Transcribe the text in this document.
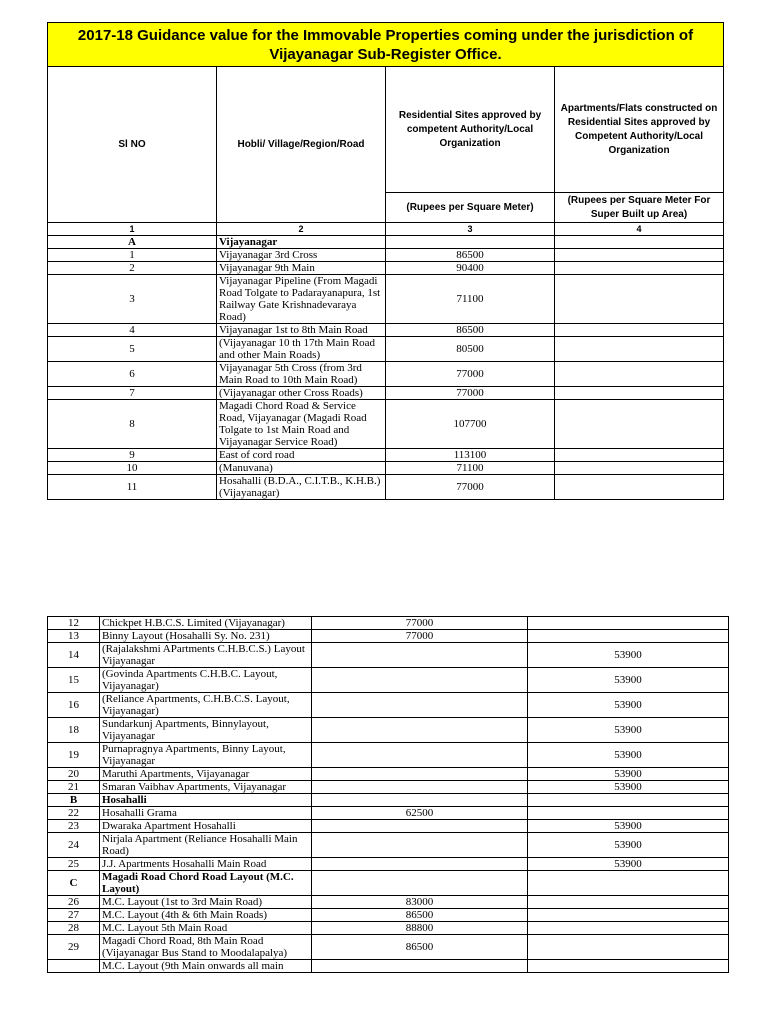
2017-18 Guidance value for the Immovable Properties coming under the jurisdiction of Vijayanagar Sub-Register Office.			
Sl NO	Hobli/ Village/Region/Road	Residential Sites approved by competent Authority/Local Organization	Apartments/Flats constructed on Residential Sites approved by Competent Authority/Local Organization
		(Rupees per Square Meter)	(Rupees per Square Meter For Super Built up Area)
1	2	3	4
A	Vijayanagar		
1	Vijayanagar 3rd Cross	86500	
2	Vijayanagar 9th Main	90400	
3	Vijayanagar Pipeline (From Magadi Road Tolgate to Padarayanapura, 1st Railway Gate Krishnadevaraya Road)	71100	
4	Vijayanagar 1st to 8th Main Road	86500	
5	(Vijayanagar 10 th 17th Main Road and other Main Roads)	80500	
6	Vijayanagar 5th Cross (from 3rd Main Road to 10th Main Road)	77000	
7	(Vijayanagar other Cross Roads)	77000	
8	Magadi Chord Road & Service Road, Vijayanagar (Magadi Road Tolgate to 1st Main Road and Vijayanagar Service Road)	107700	
9	East of cord road	113100	
10	(Manuvana)	71100	
11	Hosahalli (B.D.A., C.I.T.B., K.H.B.) (Vijayanagar)	77000	
12	Chickpet H.B.C.S. Limited (Vijayanagar)	77000	
13	Binny Layout (Hosahalli Sy. No. 231)	77000	
14	(Rajalakshmi APartments C.H.B.C.S.) Layout Vijayanagar		53900
15	(Govinda Apartments C.H.B.C. Layout, Vijayanagar)		53900
16	(Reliance Apartments, C.H.B.C.S. Layout, Vijayanagar)		53900
18	Sundarkunj Apartments, Binnylayout, Vijayanagar		53900
19	Purnapragnya Apartments, Binny Layout, Vijayanagar		53900
20	Maruthi Apartments, Vijayanagar		53900
21	Smaran Vaibhav Apartments, Vijayanagar		53900
B	Hosahalli		
22	Hosahalli Grama	62500	
23	Dwaraka Apartment Hosahalli		53900
24	Nirjala Apartment (Reliance Hosahalli Main Road)		53900
25	J.J. Apartments Hosahalli Main Road		53900
C	Magadi Road Chord Road Layout (M.C. Layout)		
26	M.C. Layout (1st to 3rd Main Road)	83000	
27	M.C. Layout (4th & 6th Main Roads)	86500	
28	M.C. Layout 5th Main Road	88800	
29	Magadi Chord Road, 8th Main Road (Vijayanagar Bus Stand to Moodalapalya)	86500	
	M.C. Layout (9th Main onwards all main		
